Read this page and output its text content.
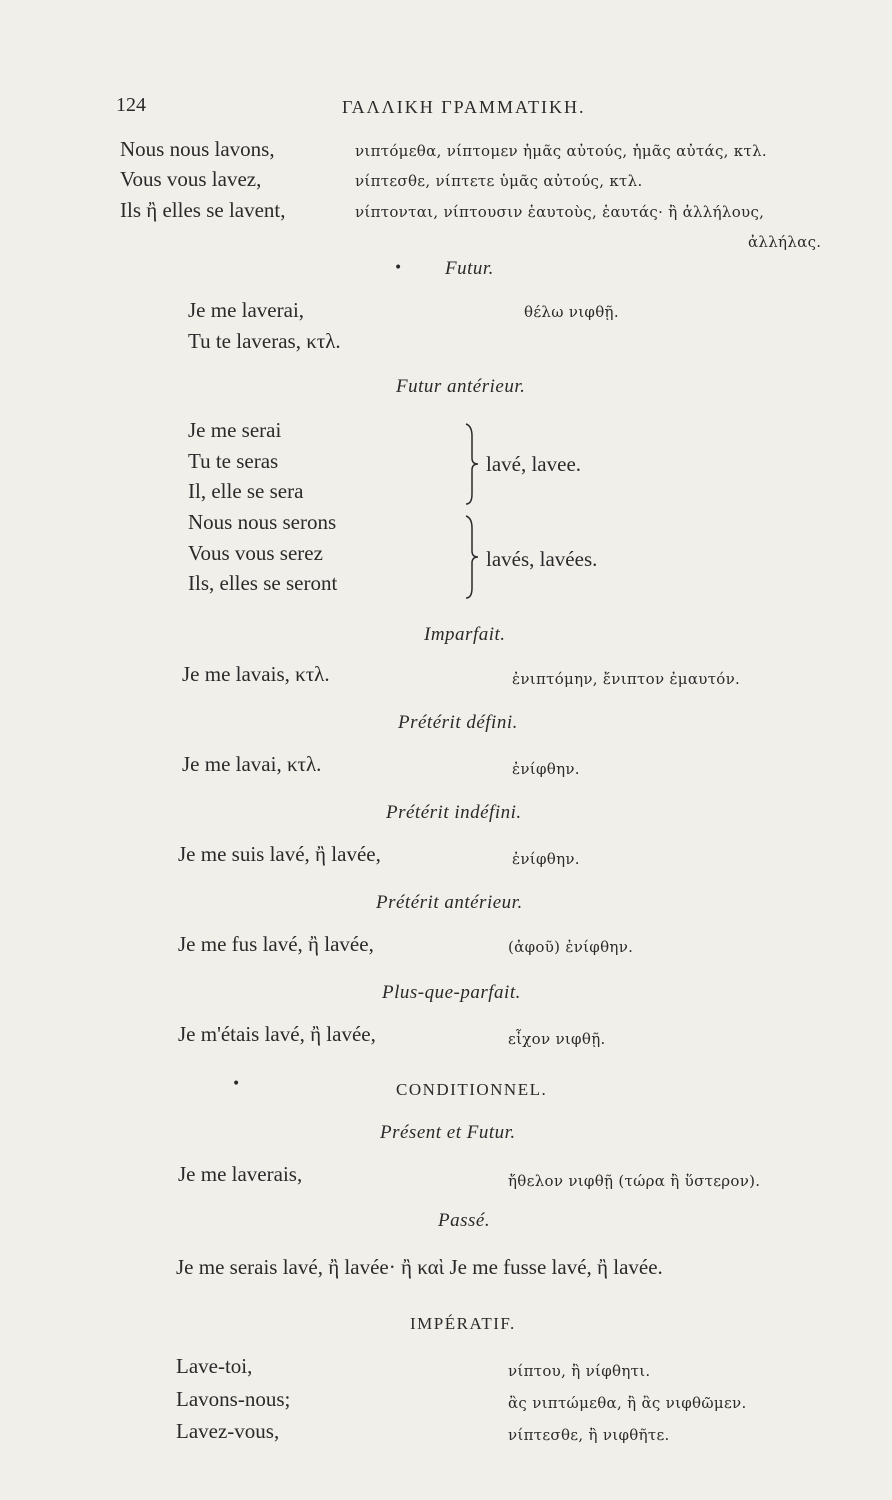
124	ΓΑΛΛΙΚΗ ΓΡΑΜΜΑΤΙΚΗ.
Nous nous lavons,	νιπτόμεθα, νίπτομεν ἡμᾶς αὐτούς, ἡμᾶς αὐτάς, κτλ.
Vous vous lavez,	νίπτεσθε, νίπτετε ὑμᾶς αὐτούς, κτλ.
Ils ἢ elles se lavent,	νίπτονται, νίπτουσιν ἑαυτοὺς, ἑαυτάς· ἢ ἀλλήλους,
ἀλλήλας.
• Futur.
Je me laverai,	θέλω νιφθῇ.
Tu te laveras, κτλ.
Futur antérieur.
Je me serai
Tu te seras
Il, elle se sera
lavé, lavee.
Nous nous serons
Vous vous serez
Ils, elles se seront
lavés, lavées.
Imparfait.
Je me lavais, κτλ.	ἐνιπτόμην, ἔνιπτον ἐμαυτόν.
Prétérit défini.
Je me lavai, κτλ.	ἐνίφθην.
Prétérit indéfini.
Je me suis lavé, ἢ lavée,	ἐνίφθην.
Prétérit antérieur.
Je me fus lavé, ἢ lavée,	(ἀφοῦ) ἐνίφθην.
Plus-que-parfait.
Je m'étais lavé, ἢ lavée,	εἶχον νιφθῇ.
•	CONDITIONNEL.
Présent et Futur.
Je me laverais,	ἤθελον νιφθῇ (τώρα ἢ ὕστερον).
Passé.
Je me serais lavé, ἢ lavée· ἢ καὶ Je me fusse lavé, ἢ lavée.
IMPÉRATIF.
Lave-toi,	νίπτου, ἢ νίφθητι.
Lavons-nous;	ἂς νιπτώμεθα, ἢ ἂς νιφθῶμεν.
Lavez-vous,	νίπτεσθε, ἢ νιφθῆτε.
